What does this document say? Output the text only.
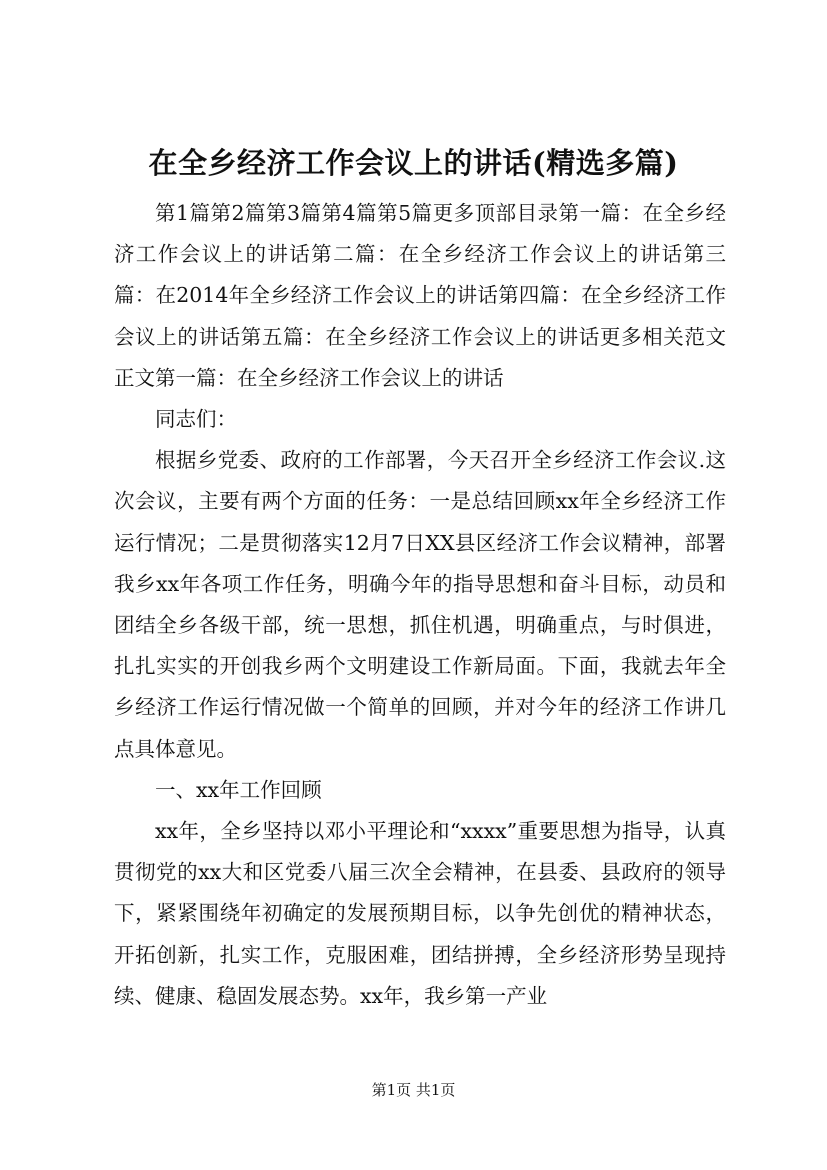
在全乡经济工作会议上的讲话(精选多篇)

第1篇第2篇第3篇第4篇第5篇更多顶部目录第一篇：在全乡经济工作会议上的讲话第二篇：在全乡经济工作会议上的讲话第三篇：在2014年全乡经济工作会议上的讲话第四篇：在全乡经济工作会议上的讲话第五篇：在全乡经济工作会议上的讲话更多相关范文正文第一篇：在全乡经济工作会议上的讲话

同志们：

根据乡党委、政府的工作部署，今天召开全乡经济工作会议.这次会议，主要有两个方面的任务：一是总结回顾xx年全乡经济工作运行情况；二是贯彻落实12月7日XX县区经济工作会议精神，部署我乡xx年各项工作任务，明确今年的指导思想和奋斗目标，动员和团结全乡各级干部，统一思想，抓住机遇，明确重点，与时俱进，扎扎实实的开创我乡两个文明建设工作新局面。下面，我就去年全乡经济工作运行情况做一个简单的回顾，并对今年的经济工作讲几点具体意见。

一、xx年工作回顾

xx年，全乡坚持以邓小平理论和“xxxx”重要思想为指导，认真贯彻党的xx大和区党委八届三次全会精神，在县委、县政府的领导下，紧紧围绕年初确定的发展预期目标，以争先创优的精神状态，开拓创新，扎实工作，克服困难，团结拼搏，全乡经济形势呈现持续、健康、稳固发展态势。xx年，我乡第一产业

第1页 共1页
